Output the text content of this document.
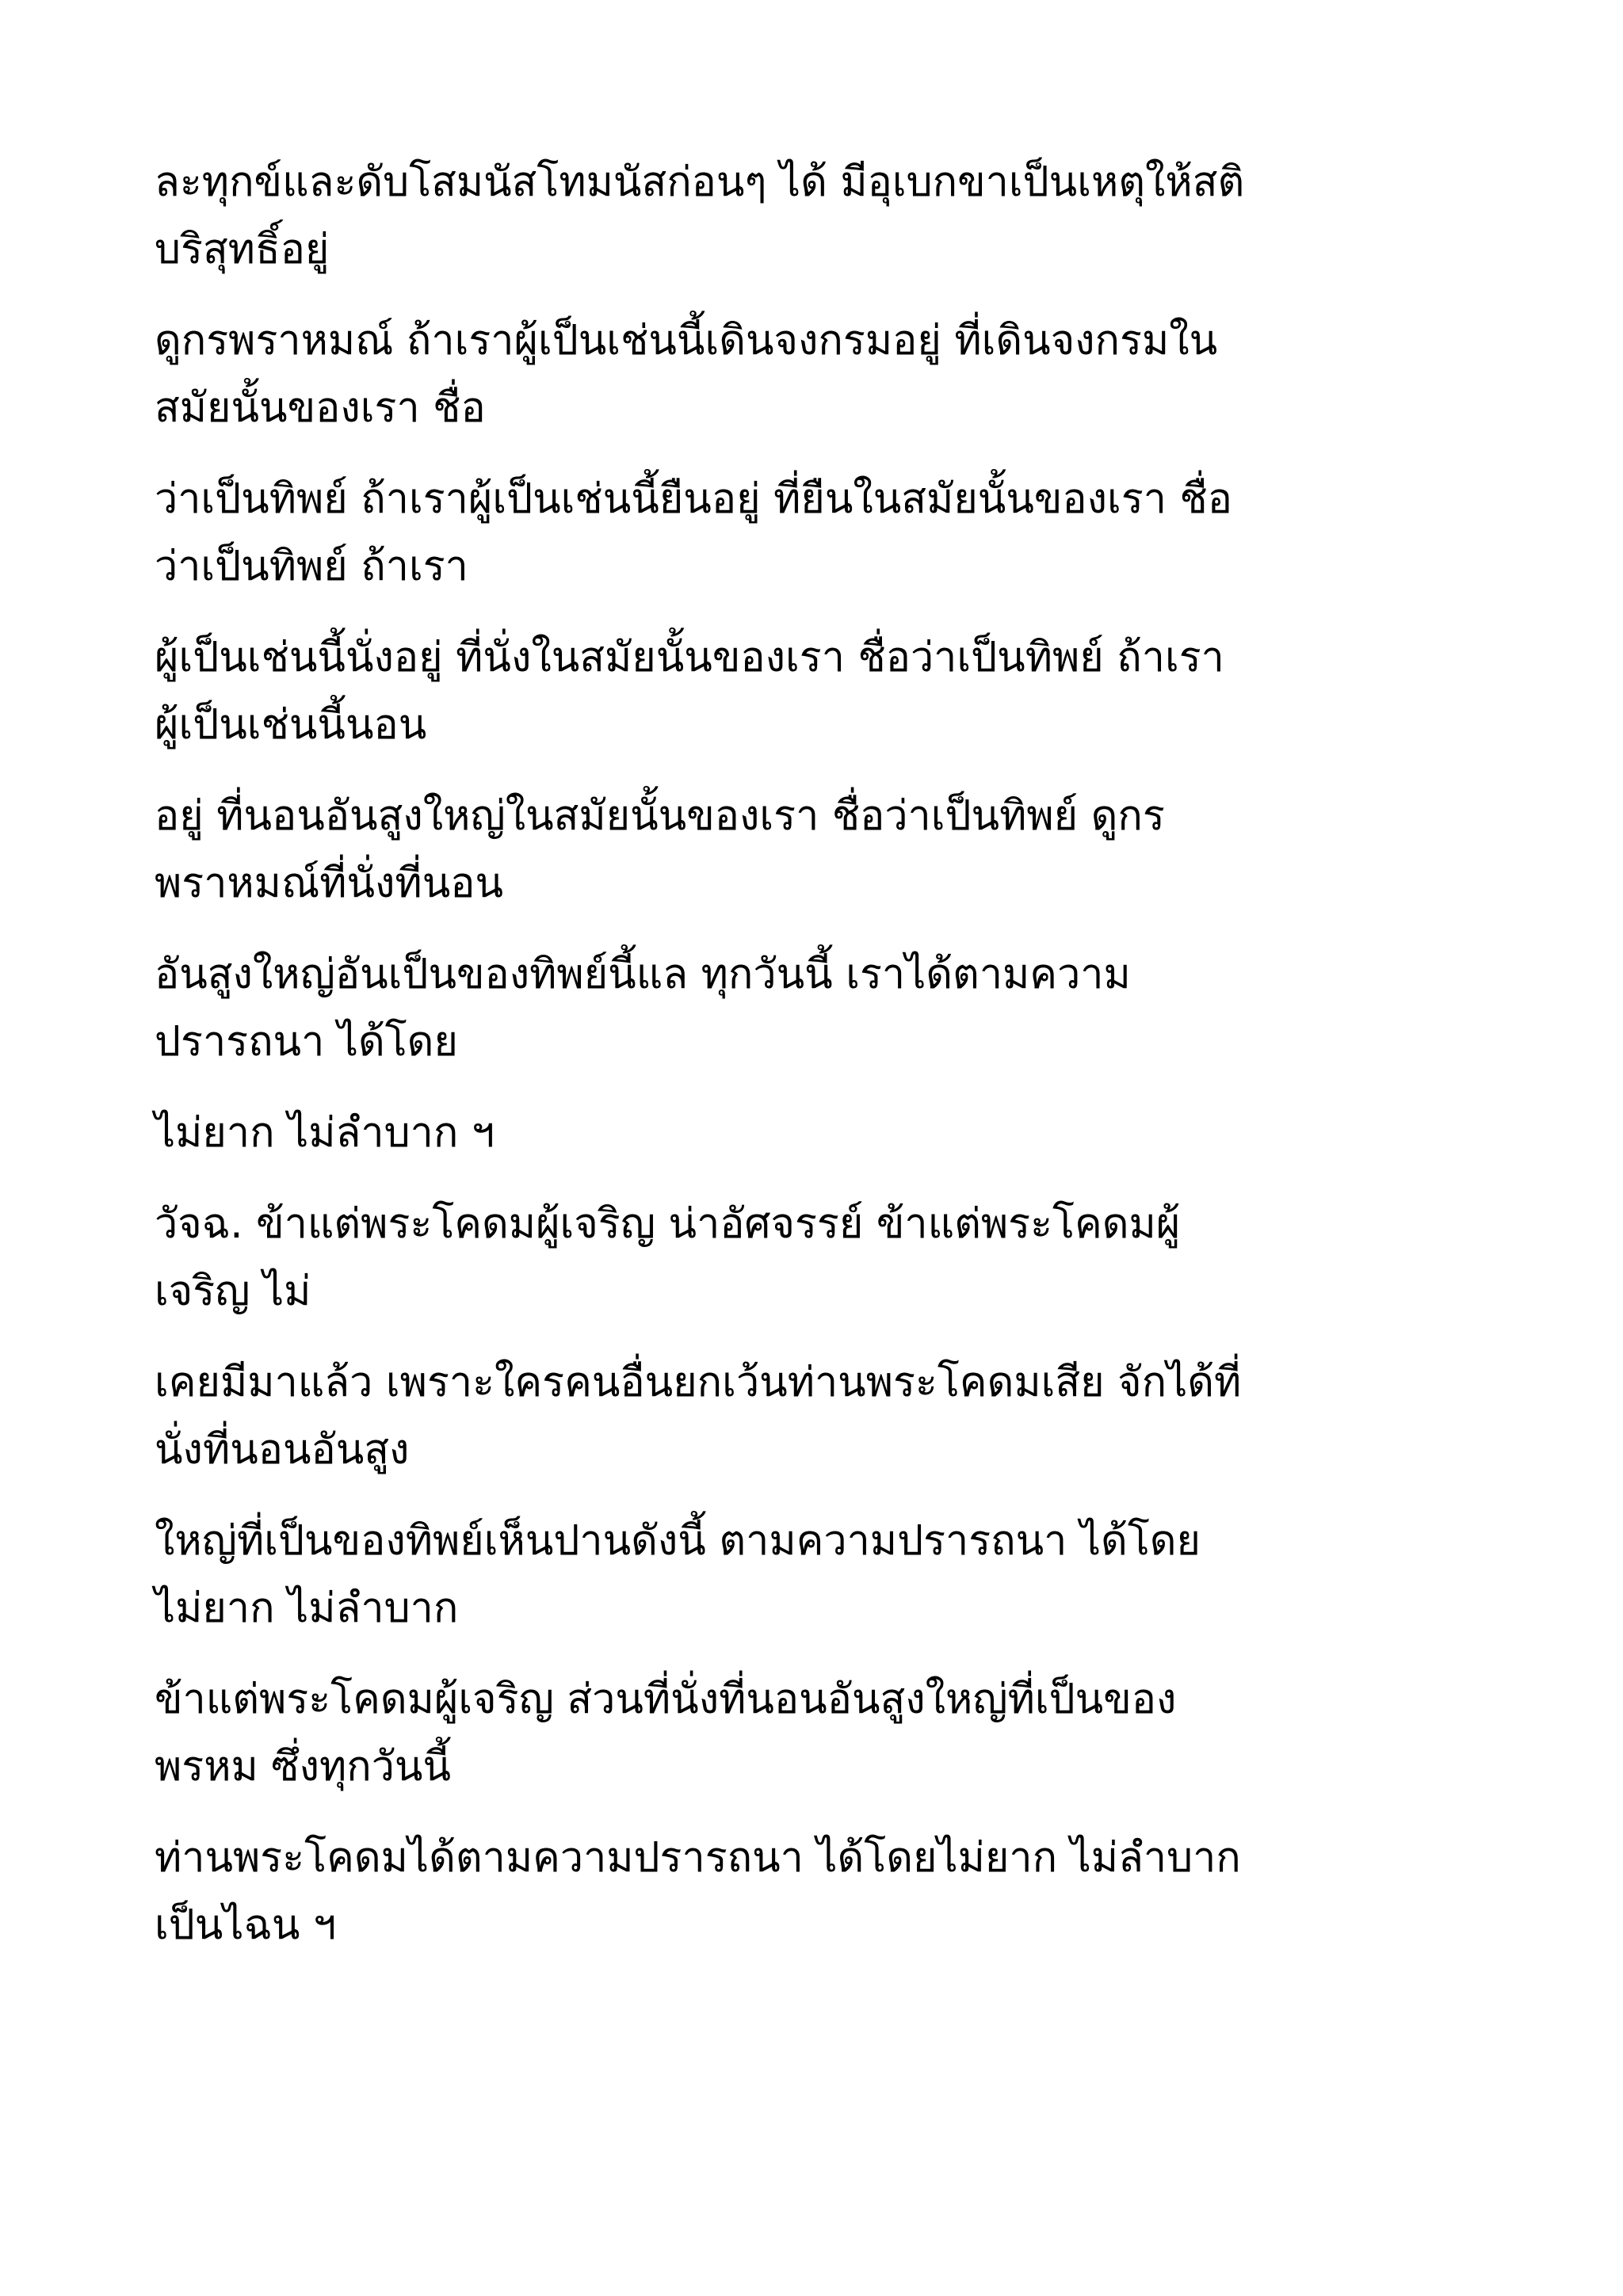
ละทุกข์และดับโสมนัสโทมนัสก่อนๆ ได้ มีอุเบกขาเป็นเหตุให้สติ
บริสุทธิ์อยู่
ดูกรพราหมณ์ ถ้าเราผู้เป็นเช่นนี้เดินจงกรมอยู่ ที่เดินจงกรมใน
สมัยนั้นของเรา ชื่อ
ว่าเป็นทิพย์ ถ้าเราผู้เป็นเช่นนี้ยืนอยู่ ที่ยืนในสมัยนั้นของเรา ชื่อ
ว่าเป็นทิพย์ ถ้าเรา
ผู้เป็นเช่นนี้นั่งอยู่ ที่นั่งในสมัยนั้นของเรา ชื่อว่าเป็นทิพย์ ถ้าเรา
ผู้เป็นเช่นนี้นอน
อยู่ ที่นอนอันสูงใหญ่ในสมัยนั้นของเรา ชื่อว่าเป็นทิพย์ ดูกร
พราหมณ์ที่นั่งที่นอน
อันสูงใหญ่อันเป็นของทิพย์นี้แล ทุกวันนี้ เราได้ตามความ
ปรารถนา ได้โดย
ไม่ยาก ไม่ลำบาก ฯ
วัจฉ. ข้าแต่พระโคดมผู้เจริญ น่าอัศจรรย์ ข้าแต่พระโคดมผู้
เจริญ ไม่
เคยมีมาแล้ว เพราะใครคนอื่นยกเว้นท่านพระโคดมเสีย จักได้ที่
นั่งที่นอนอันสูง
ใหญ่ที่เป็นของทิพย์เห็นปานดังนี้ ตามความปรารถนา ได้โดย
ไม่ยาก ไม่ลำบาก
ข้าแต่พระโคดมผู้เจริญ ส่วนที่นั่งที่นอนอันสูงใหญ่ที่เป็นของ
พรหม ซึ่งทุกวันนี้
ท่านพระโคดมได้ตามความปรารถนา ได้โดยไม่ยาก ไม่ลำบาก
เป็นไฉน ฯ
